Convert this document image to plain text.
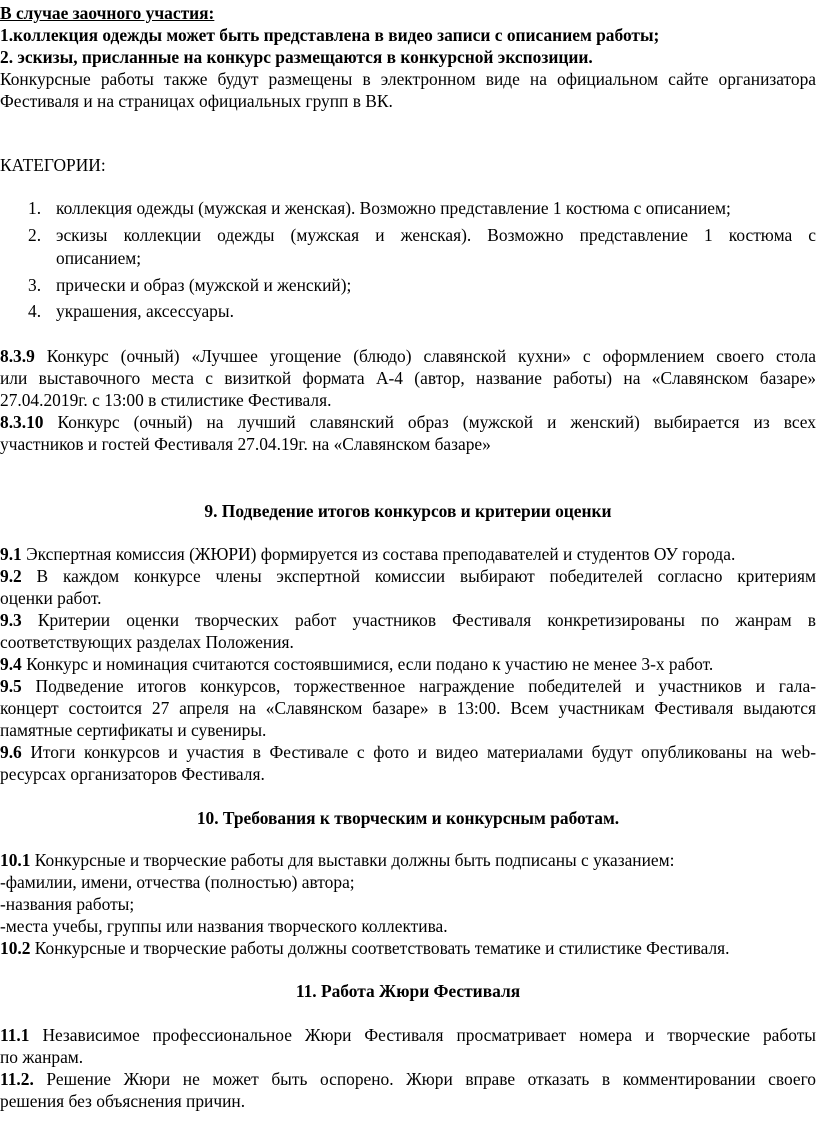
В случае заочного участия:
1.коллекция одежды может быть представлена в видео записи с описанием работы;
2. эскизы, присланные на конкурс размещаются в конкурсной экспозиции.
Конкурсные работы также будут размещены в электронном виде на официальном сайте организатора
Фестиваля и на страницах официальных групп в ВК.
КАТЕГОРИИ:
1. коллекция одежды (мужская и женская). Возможно представление 1 костюма с описанием;
2. эскизы коллекции одежды (мужская и женская). Возможно представление 1 костюма с
описанием;
3. прически и образ (мужской и женский);
4. украшения, аксессуары.
8.3.9 Конкурс (очный) «Лучшее угощение (блюдо) славянской кухни» с оформлением своего стола
или выставочного места с визиткой формата А-4 (автор, название работы) на «Славянском базаре»
27.04.2019г. с 13:00 в стилистике Фестиваля.
8.3.10 Конкурс (очный) на лучший славянский образ (мужской и женский) выбирается из всех
участников и гостей Фестиваля 27.04.19г. на «Славянском базаре»
9. Подведение итогов конкурсов и критерии оценки
9.1 Экспертная комиссия (ЖЮРИ) формируется из состава преподавателей и студентов ОУ города.
9.2 В каждом конкурсе члены экспертной комиссии выбирают победителей согласно критериям
оценки работ.
9.3 Критерии оценки творческих работ участников Фестиваля конкретизированы по жанрам в
соответствующих разделах Положения.
9.4 Конкурс и номинация считаются состоявшимися, если подано к участию не менее 3-х работ.
9.5 Подведение итогов конкурсов, торжественное награждение победителей и участников и гала-
концерт состоится 27 апреля на «Славянском базаре» в 13:00. Всем участникам Фестиваля выдаются
памятные сертификаты и сувениры.
9.6 Итоги конкурсов и участия в Фестивале с фото и видео материалами будут опубликованы на web-
ресурсах организаторов Фестиваля.
10. Требования к творческим и конкурсным работам.
10.1 Конкурсные и творческие работы для выставки должны быть подписаны с указанием:
-фамилии, имени, отчества (полностью) автора;
-названия работы;
-места учебы, группы или названия творческого коллектива.
10.2 Конкурсные и творческие работы должны соответствовать тематике и стилистике Фестиваля.
11. Работа Жюри Фестиваля
11.1 Независимое профессиональное Жюри Фестиваля просматривает номера и творческие работы
по жанрам.
11.2. Решение Жюри не может быть оспорено. Жюри вправе отказать в комментировании своего
решения без объяснения причин.
